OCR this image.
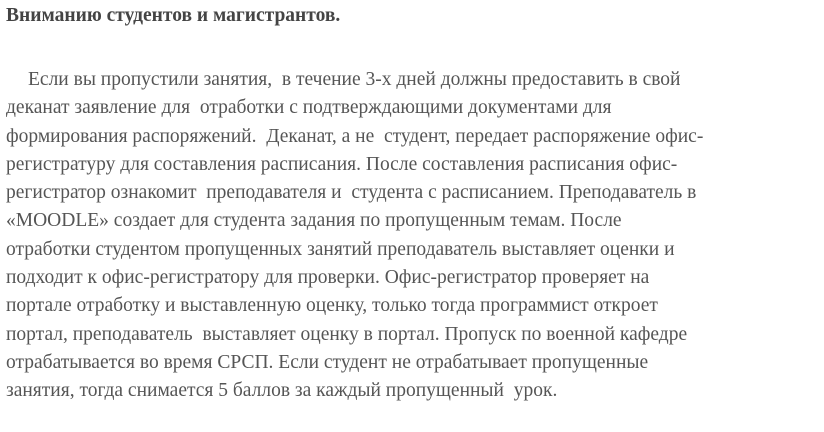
Вниманию студентов и магистрантов.
Если вы пропустили занятия,  в течение 3-х дней должны предоставить в свой
деканат заявление для  отработки с подтверждающими документами для
формирования распоряжений.  Деканат, а не  студент, передает распоряжение офис-
регистратуру для составления расписания. После составления расписания офис-
регистратор ознакомит  преподавателя и  студента с расписанием. Преподаватель в
«MOODLE» создает для студента задания по пропущенным темам. После
отработки студентом пропущенных занятий преподаватель выставляет оценки и
подходит к офис-регистратору для проверки. Офис-регистратор проверяет на
портале отработку и выставленную оценку, только тогда программист откроет
портал, преподаватель  выставляет оценку в портал. Пропуск по военной кафедре
отрабатывается во время СРСП. Если студент не отрабатывает пропущенные
занятия, тогда снимается 5 баллов за каждый пропущенный  урок.
